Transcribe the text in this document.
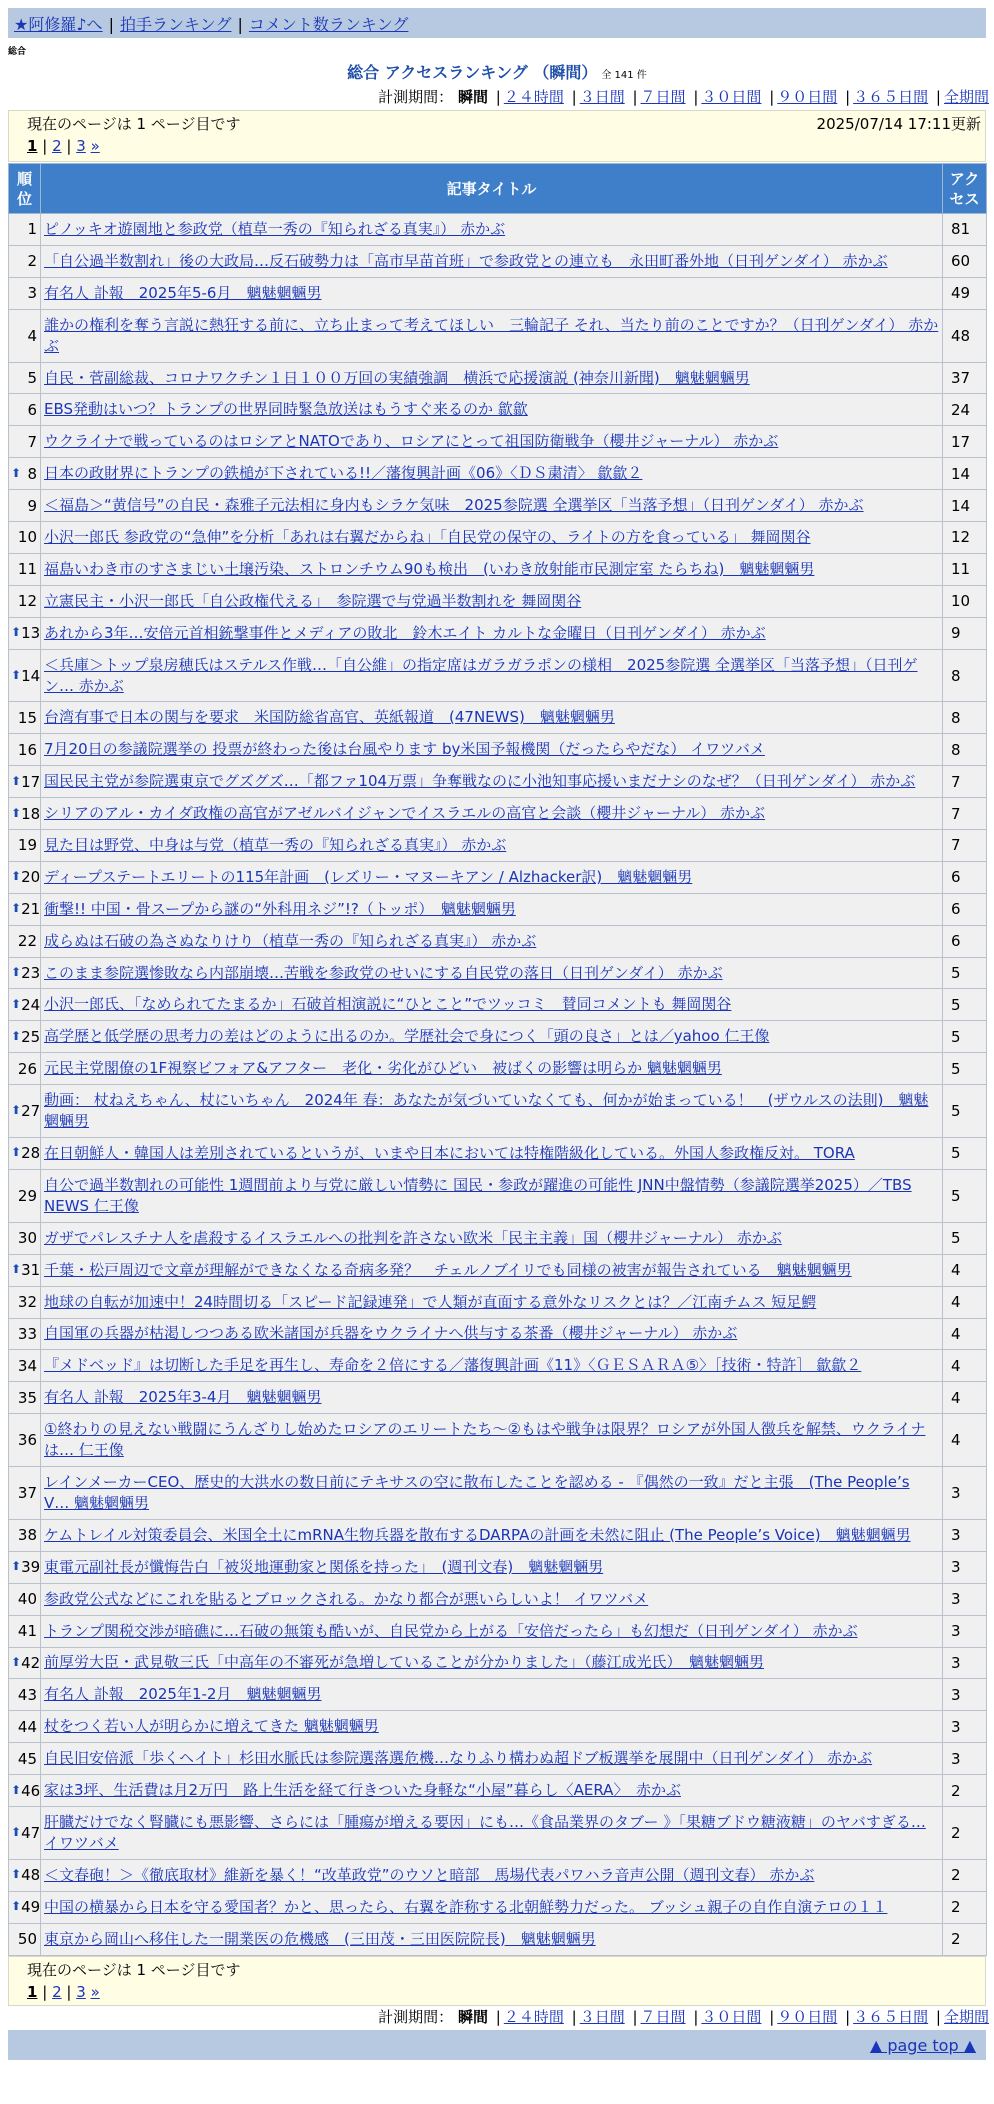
★阿修羅♪へ | 拍手ランキング | コメント数ランキング
総合
総合 アクセスランキング （瞬間） 全 141 件
計測期間： 瞬間 | ２４時間 | ３日間 | ７日間 | ３０日間 | ９０日間 | ３６５日間 | 全期間
現在のページは 1 ページ目です	2025/07/14 17:11更新
1 | 2 | 3 »
順位	記事タイトル	アクセス
1	ピノッキオ遊園地と参政党（植草一秀の『知られざる真実』） 赤かぶ	81
2	「自公過半数割れ」後の大政局…反石破勢力は「高市早苗首班」で参政党との連立も　永田町番外地（日刊ゲンダイ） 赤かぶ	60
3	有名人 訃報　2025年5-6月　魑魅魍魎男	49
4	誰かの権利を奪う言説に熱狂する前に、立ち止まって考えてほしい　三輪記子 それ、当たり前のことですか？（日刊ゲンダイ） 赤かぶ	48
5	自民・菅副総裁、コロナワクチン１日１００万回の実績強調　横浜で応援演説 (神奈川新聞)　魑魅魍魎男	37
6	EBS発動はいつ？トランプの世界同時緊急放送はもうすぐ来るのか 歙歙	24
7	ウクライナで戦っているのはロシアとNATOであり、ロシアにとって祖国防衛戦争（櫻井ジャーナル） 赤かぶ	17

⬆ 8	日本の政財界にトランプの鉄槌が下されている!!／藩復興計画《06》〈ＤＳ粛清〉 歙歙２	14
9	＜福島＞“黄信号”の自民・森雅子元法相に身内もシラケ気味　2025参院選 全選挙区「当落予想」（日刊ゲンダイ） 赤かぶ	14
10	小沢一郎氏 参政党の“急伸”を分析「あれは右翼だからね」「自民党の保守の、ライトの方を食っている」 舞岡関谷	12
11	福島いわき市のすさまじい土壌汚染、ストロンチウム90も検出　(いわき放射能市民測定室 たらちね)　魑魅魍魎男	11
12	立憲民主・小沢一郎氏「自公政権代える」　参院選で与党過半数割れを 舞岡関谷	10

⬆ 13	あれから3年…安倍元首相銃撃事件とメディアの敗北　鈴木エイト カルトな金曜日（日刊ゲンダイ） 赤かぶ	9

⬆ 14	＜兵庫＞トップ泉房穂氏はステルス作戦…「自公維」の指定席はガラガラポンの様相　2025参院選 全選挙区「当落予想」（日刊ゲン… 赤かぶ	8
15	台湾有事で日本の関与を要求　米国防総省高官、英紙報道　(47NEWS)　魑魅魍魎男	8
16	7月20日の参議院選挙の 投票が終わった後は台風やります by米国予報機関（だったらやだな） イワツバメ	8

⬆ 17	国民民主党が参院選東京でグズグズ…「都ファ104万票」争奪戦なのに小池知事応援いまだナシのなぜ？（日刊ゲンダイ） 赤かぶ	7

⬆ 18	シリアのアル・カイダ政権の高官がアゼルバイジャンでイスラエルの高官と会談（櫻井ジャーナル） 赤かぶ	7
19	見た目は野党、中身は与党（植草一秀の『知られざる真実』） 赤かぶ	7

⬆ 20	ディープステートエリートの115年計画　(レズリー・マヌーキアン / Alzhacker訳)　魑魅魍魎男	6

⬆ 21	衝撃!! 中国・骨スープから謎の“外科用ネジ”!?（トッポ）　魑魅魍魎男	6
22	成らぬは石破の為さぬなりけり（植草一秀の『知られざる真実』） 赤かぶ	6

⬆ 23	このまま参院選惨敗なら内部崩壊…苦戦を参政党のせいにする自民党の落日（日刊ゲンダイ） 赤かぶ	5

⬆ 24	小沢一郎氏、「なめられてたまるか」石破首相演説に“ひとこと”でツッコミ　賛同コメントも 舞岡関谷	5

⬆ 25	高学歴と低学歴の思考力の差はどのように出るのか。学歴社会で身につく「頭の良さ」とは／yahoo 仁王像	5
26	元民主党閣僚の1F視察ビフォア&アフター　老化・劣化がひどい　被ばくの影響は明らか 魑魅魍魎男	5

⬆ 27	動画： 杖ねえちゃん、杖にいちゃん　2024年 春：あなたが気づいていなくても、何かが始まっている！　(ザウルスの法則)　魑魅魍魎男	5

⬆ 28	在日朝鮮人・韓国人は差別されているというが、いまや日本においては特権階級化している。外国人参政権反対。 TORA	5
29	自公で過半数割れの可能性 1週間前より与党に厳しい情勢に 国民・参政が躍進の可能性 JNN中盤情勢（参議院選挙2025）／TBS NEWS 仁王像	5
30	ガザでパレスチナ人を虐殺するイスラエルへの批判を許さない欧米「民主主義」国（櫻井ジャーナル） 赤かぶ	5

⬆ 31	千葉・松戸周辺で文章が理解ができなくなる奇病多発？　チェルノブイリでも同様の被害が報告されている　魑魅魍魎男	4
32	地球の自転が加速中！24時間切る「スピード記録連発」で人類が直面する意外なリスクとは？／江南チムス 短足鰐	4
33	自国軍の兵器が枯渇しつつある欧米諸国が兵器をウクライナへ供与する茶番（櫻井ジャーナル） 赤かぶ	4
34	『メドベッド』は切断した手足を再生し、寿命を２倍にする／藩復興計画《11》〈ＧＥＳＡＲＡ⑤〉［技術・特許］ 歙歙２	4
35	有名人 訃報　2025年3-4月　魑魅魍魎男	4
36	①終わりの見えない戦闘にうんざりし始めたロシアのエリートたち～②もはや戦争は限界？ロシアが外国人徴兵を解禁、ウクライナは… 仁王像	4
37	レインメーカーCEO、歴史的大洪水の数日前にテキサスの空に散布したことを認める - 『偶然の一致』だと主張　(The People’s V… 魑魅魍魎男	3
38	ケムトレイル対策委員会、米国全土にmRNA生物兵器を散布するDARPAの計画を未然に阻止 (The People’s Voice)　魑魅魍魎男	3

⬆ 39	東電元副社長が懺悔告白「被災地運動家と関係を持った」　(週刊文春)　魑魅魍魎男	3
40	参政党公式などにこれを貼るとブロックされる。かなり都合が悪いらしいよ！ イワツバメ	3
41	トランプ関税交渉が暗礁に…石破の無策も酷いが、自民党から上がる「安倍だったら」も幻想だ（日刊ゲンダイ） 赤かぶ	3

⬆ 42	前厚労大臣・武見敬三氏「中高年の不審死が急増していることが分かりました」（藤江成光氏）　魑魅魍魎男	3
43	有名人 訃報　2025年1-2月　魑魅魍魎男	3
44	杖をつく若い人が明らかに増えてきた 魑魅魍魎男	3
45	自民旧安倍派「歩くヘイト」杉田水脈氏は参院選落選危機…なりふり構わぬ超ドブ板選挙を展開中（日刊ゲンダイ） 赤かぶ	3

⬆ 46	家は3坪、生活費は月2万円　路上生活を経て行きついた身軽な“小屋”暮らし〈AERA〉　赤かぶ	2

⬆ 47	肝臓だけでなく腎臓にも悪影響、さらには「腫瘍が増える要因」にも…《食品業界のタブー 》「果糖ブドウ糖液糖」のヤバすぎる… イワツバメ	2

⬆ 48	＜文春砲！＞《徹底取材》維新を暴く！“改革政党”のウソと暗部　馬場代表パワハラ音声公開（週刊文春） 赤かぶ	2

⬆ 49	中国の横暴から日本を守る愛国者？かと、思ったら、右翼を詐称する北朝鮮勢力だった。 ブッシュ親子の自作自演テロの１１	2
50	東京から岡山へ移住した一開業医の危機感　(三田茂・三田医院院長)　魑魅魍魎男	2
現在のページは 1 ページ目です
1 | 2 | 3 »
計測期間： 瞬間 | ２４時間 | ３日間 | ７日間 | ３０日間 | ９０日間 | ３６５日間 | 全期間
▲ page top ▲
